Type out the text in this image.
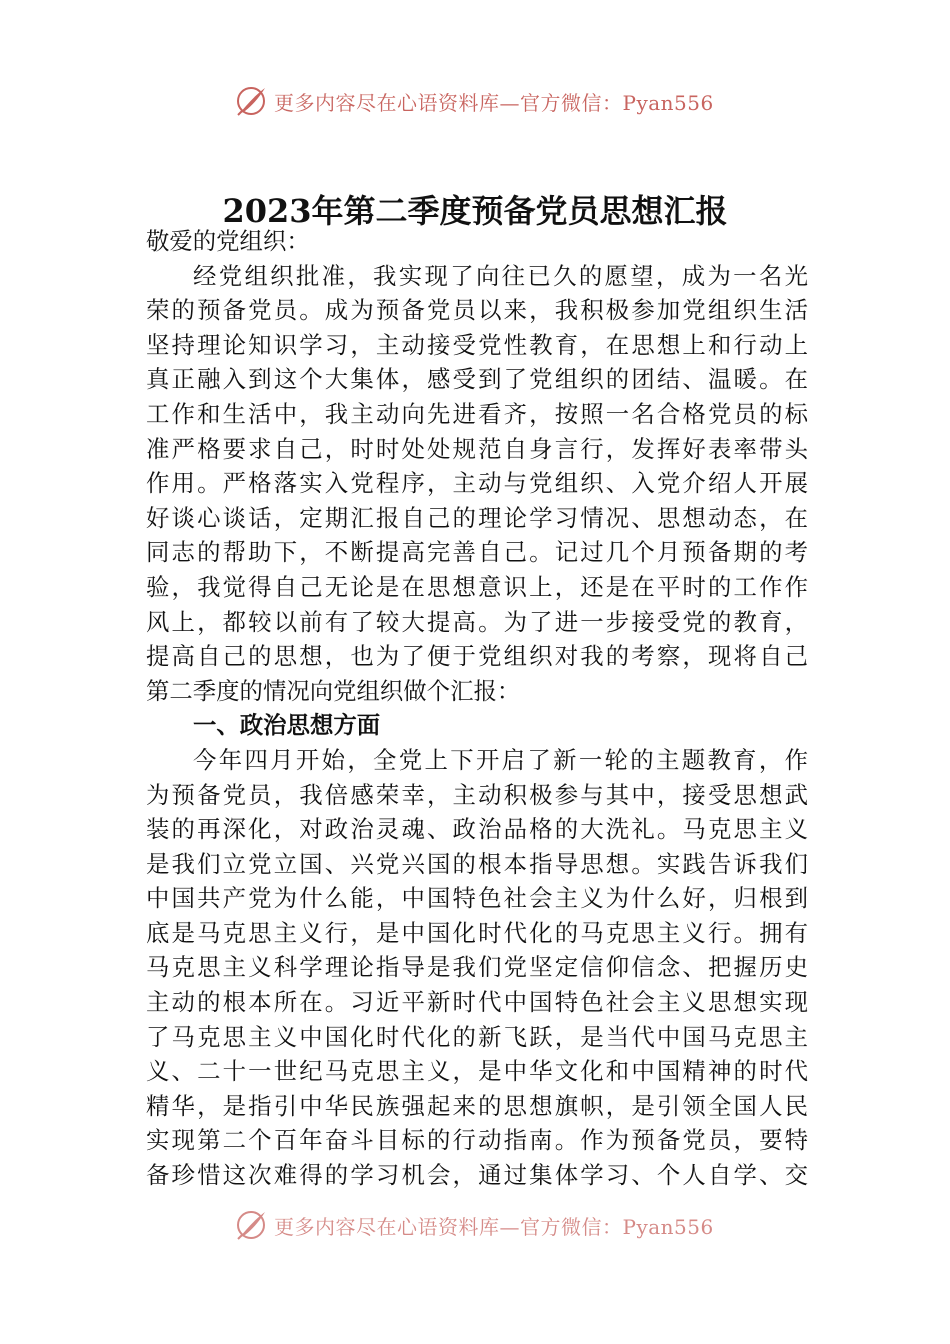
更多内容尽在心语资料库—官方微信：Pyan556
2023年第二季度预备党员思想汇报
敬爱的党组织：
经党组织批准，我实现了向往已久的愿望，成为一名光
荣的预备党员。成为预备党员以来，我积极参加党组织生活
坚持理论知识学习，主动接受党性教育，在思想上和行动上
真正融入到这个大集体，感受到了党组织的团结、温暖。在
工作和生活中，我主动向先进看齐，按照一名合格党员的标
准严格要求自己，时时处处规范自身言行，发挥好表率带头
作用。严格落实入党程序，主动与党组织、入党介绍人开展
好谈心谈话，定期汇报自己的理论学习情况、思想动态，在
同志的帮助下，不断提高完善自己。记过几个月预备期的考
验，我觉得自己无论是在思想意识上，还是在平时的工作作
风上，都较以前有了较大提高。为了进一步接受党的教育，
提高自己的思想，也为了便于党组织对我的考察，现将自己
第二季度的情况向党组织做个汇报：
一、政治思想方面
今年四月开始，全党上下开启了新一轮的主题教育，作
为预备党员，我倍感荣幸，主动积极参与其中，接受思想武
装的再深化，对政治灵魂、政治品格的大洗礼。马克思主义
是我们立党立国、兴党兴国的根本指导思想。实践告诉我们
中国共产党为什么能，中国特色社会主义为什么好，归根到
底是马克思主义行，是中国化时代化的马克思主义行。拥有
马克思主义科学理论指导是我们党坚定信仰信念、把握历史
主动的根本所在。习近平新时代中国特色社会主义思想实现
了马克思主义中国化时代化的新飞跃，是当代中国马克思主
义、二十一世纪马克思主义，是中华文化和中国精神的时代
精华，是指引中华民族强起来的思想旗帜，是引领全国人民
实现第二个百年奋斗目标的行动指南。作为预备党员，要特
备珍惜这次难得的学习机会，通过集体学习、个人自学、交
更多内容尽在心语资料库—官方微信：Pyan556
